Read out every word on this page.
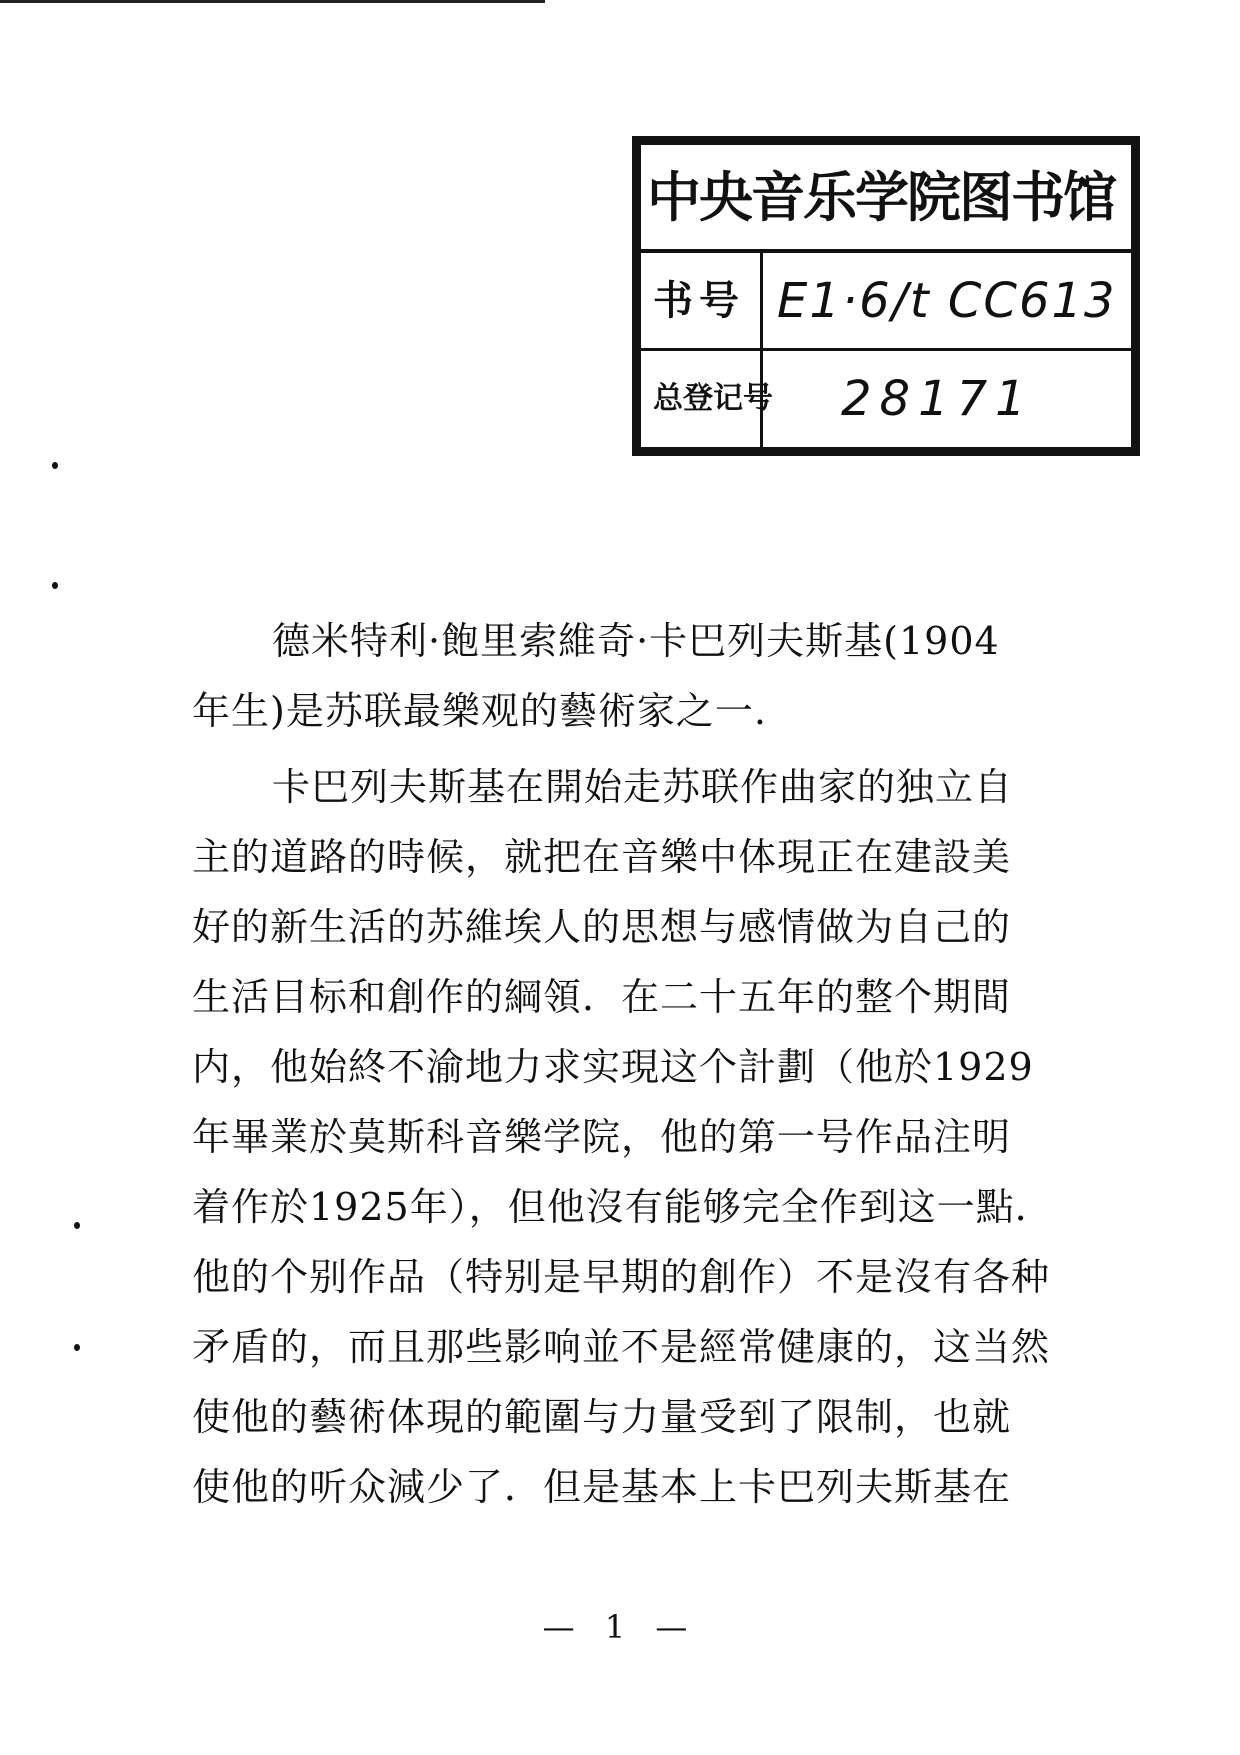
中央音乐学院图书馆
书号 E1·6/t CC613
总登记号 28171

德米特利·飽里索維奇·卡巴列夫斯基(1904

年生)是苏联最樂观的藝術家之一.

卡巴列夫斯基在開始走苏联作曲家的独立自

主的道路的時候，就把在音樂中体現正在建設美

好的新生活的苏維埃人的思想与感情做为自己的

生活目标和創作的綱領．在二十五年的整个期間

内，他始終不渝地力求实現这个計劃（他於1929

年畢業於莫斯科音樂学院，他的第一号作品注明

着作於1925年），但他沒有能够完全作到这一點．

他的个别作品（特别是早期的創作）不是沒有各种

矛盾的，而且那些影响並不是經常健康的，这当然

使他的藝術体現的範圍与力量受到了限制，也就

使他的听众減少了．但是基本上卡巴列夫斯基在

— 1 —
